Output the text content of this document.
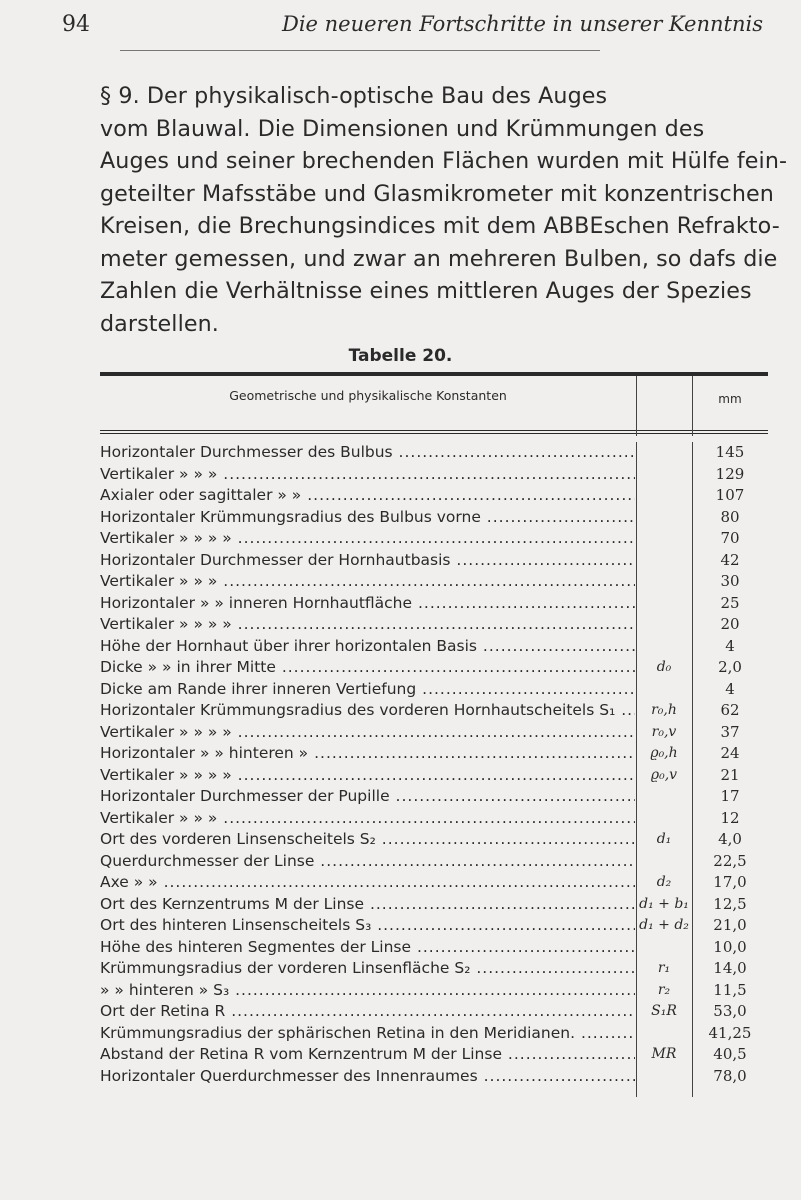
94	Die neueren Fortschritte in unserer Kenntnis
§ 9. Der physikalisch-optische Bau des Auges
vom Blauwal. Die Dimensionen und Krümmungen des
Auges und seiner brechenden Flächen wurden mit Hülfe fein-
geteilter Mafsstäbe und Glasmikrometer mit konzentrischen
Kreisen, die Brechungsindices mit dem ABBEschen Refrakto-
meter gemessen, und zwar an mehreren Bulben, so dafs die
Zahlen die Verhältnisse eines mittleren Auges der Spezies
darstellen.
Tabelle 20.
Geometrische und physikalische Konstanten	mm
Horizontaler Durchmesser des Bulbus .....	145
Vertikaler » » » .....	129
Axialer oder sagittaler » » .....	107
Horizontaler Krümmungsradius des Bulbus vorne .....	80
Vertikaler » » » » .....	70
Horizontaler Durchmesser der Hornhautbasis .....	42
Vertikaler » » » .....	30
Horizontaler » » inneren Hornhautfläche .....	25
Vertikaler » » » » .....	20
Höhe der Hornhaut über ihrer horizontalen Basis .....	4
Dicke » » in ihrer Mitte .....	d₀	2,0
Dicke am Rande ihrer inneren Vertiefung .....	4
Horizontaler Krümmungsradius des vorderen Hornhautscheitels S₁ .....	r₀,h	62
Vertikaler » » » » .....	r₀,v	37
Horizontaler » » hinteren » .....	ϱ₀,h	24
Vertikaler » » » » .....	ϱ₀,v	21
Horizontaler Durchmesser der Pupille .....	17
Vertikaler » » » .....	12
Ort des vorderen Linsenscheitels S₂ .....	d₁	4,0
Querdurchmesser der Linse .....	22,5
Axe » » .....	d₂	17,0
Ort des Kernzentrums M der Linse .....	d₁ + b₁	12,5
Ort des hinteren Linsenscheitels S₃ .....	d₁ + d₂	21,0
Höhe des hinteren Segmentes der Linse .....	10,0
Krümmungsradius der vorderen Linsenfläche S₂ .....	r₁	14,0
» » hinteren » S₃ .....	r₂	11,5
Ort der Retina R .....	S₁R	53,0
Krümmungsradius der sphärischen Retina in den Meridianen. .....	41,25
Abstand der Retina R vom Kernzentrum M der Linse .....	MR	40,5
Horizontaler Querdurchmesser des Innenraumes .....	78,0
